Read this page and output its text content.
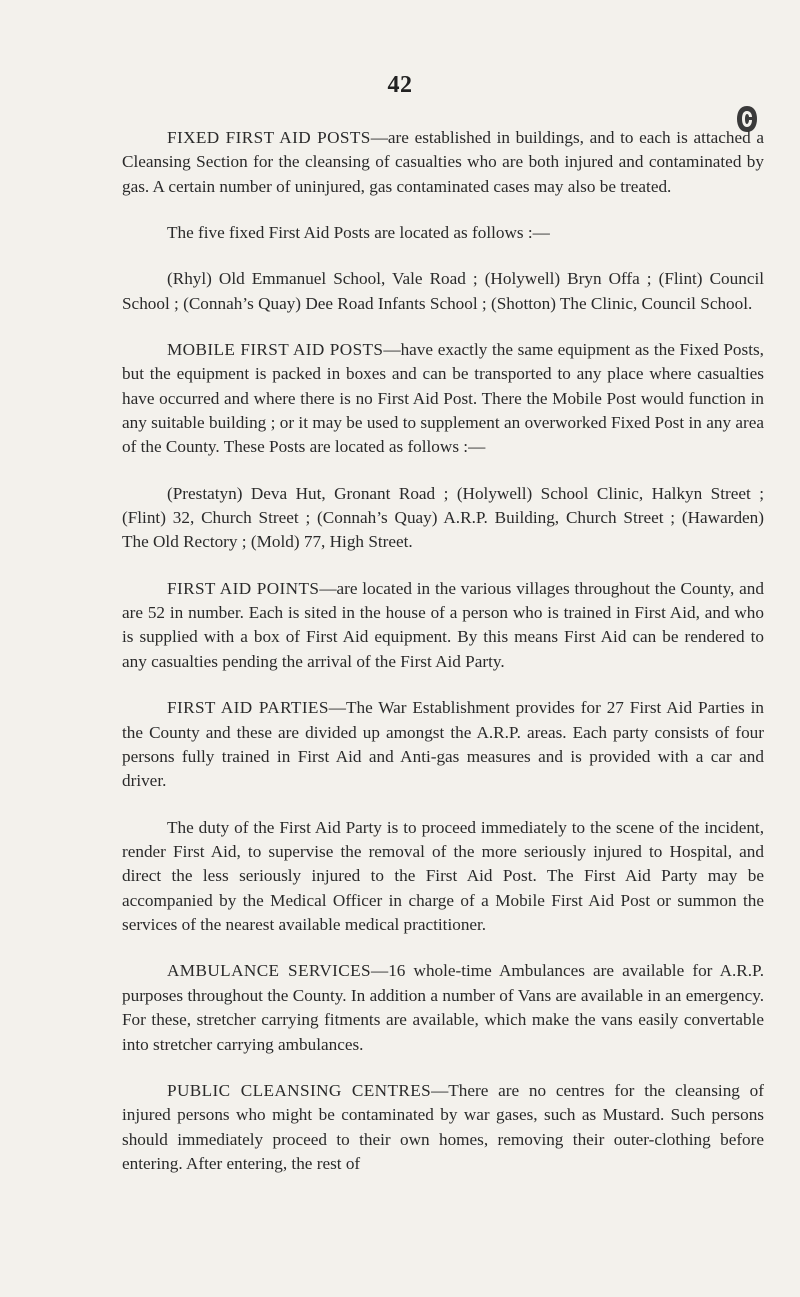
42

FIXED FIRST AID POSTS—are established in buildings, and to each is attached a Cleansing Section for the cleansing of casualties who are both injured and contaminated by gas. A certain number of uninjured, gas contaminated cases may also be treated.

The five fixed First Aid Posts are located as follows :—

(Rhyl) Old Emmanuel School, Vale Road ; (Holywell) Bryn Offa ; (Flint) Council School ; (Connah’s Quay) Dee Road Infants School ; (Shotton) The Clinic, Council School.

MOBILE FIRST AID POSTS—have exactly the same equipment as the Fixed Posts, but the equipment is packed in boxes and can be transported to any place where casualties have occurred and where there is no First Aid Post. There the Mobile Post would function in any suitable building ; or it may be used to supplement an overworked Fixed Post in any area of the County. These Posts are located as follows :—

(Prestatyn) Deva Hut, Gronant Road ; (Holywell) School Clinic, Halkyn Street ; (Flint) 32, Church Street ; (Connah’s Quay) A.R.P. Building, Church Street ; (Hawarden) The Old Rectory ; (Mold) 77, High Street.

FIRST AID POINTS—are located in the various villages throughout the County, and are 52 in number. Each is sited in the house of a person who is trained in First Aid, and who is supplied with a box of First Aid equipment. By this means First Aid can be rendered to any casualties pending the arrival of the First Aid Party.

FIRST AID PARTIES—The War Establishment provides for 27 First Aid Parties in the County and these are divided up amongst the A.R.P. areas. Each party consists of four persons fully trained in First Aid and Anti-gas measures and is provided with a car and driver.

The duty of the First Aid Party is to proceed immediately to the scene of the incident, render First Aid, to supervise the removal of the more seriously injured to Hospital, and direct the less seriously injured to the First Aid Post. The First Aid Party may be accompanied by the Medical Officer in charge of a Mobile First Aid Post or summon the services of the nearest available medical practitioner.

AMBULANCE SERVICES—16 whole-time Ambulances are available for A.R.P. purposes throughout the County. In addition a number of Vans are available in an emergency. For these, stretcher carrying fitments are available, which make the vans easily convertable into stretcher carrying ambulances.

PUBLIC CLEANSING CENTRES—There are no centres for the cleansing of injured persons who might be contaminated by war gases, such as Mustard. Such persons should immediately proceed to their own homes, removing their outer-clothing before entering. After entering, the rest of
